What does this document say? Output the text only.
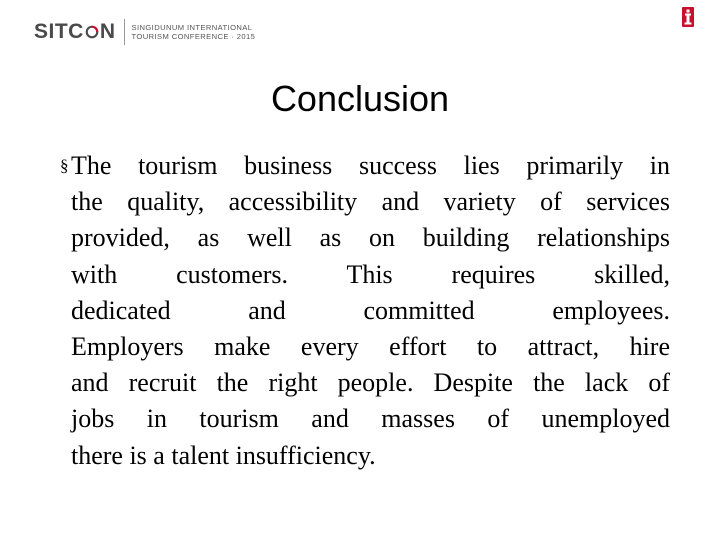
SITC N SINGIDUNUM INTERNATIONAL
TOURISM CONFERENCE · 2015
Conclusion
§ The tourism business success lies primarily in
the quality, accessibility and variety of services
provided, as well as on building relationships
with customers. This requires skilled,
dedicated and committed employees.
Employers make every effort to attract, hire
and recruit the right people. Despite the lack of
jobs in tourism and masses of unemployed
there is a talent insufficiency.
